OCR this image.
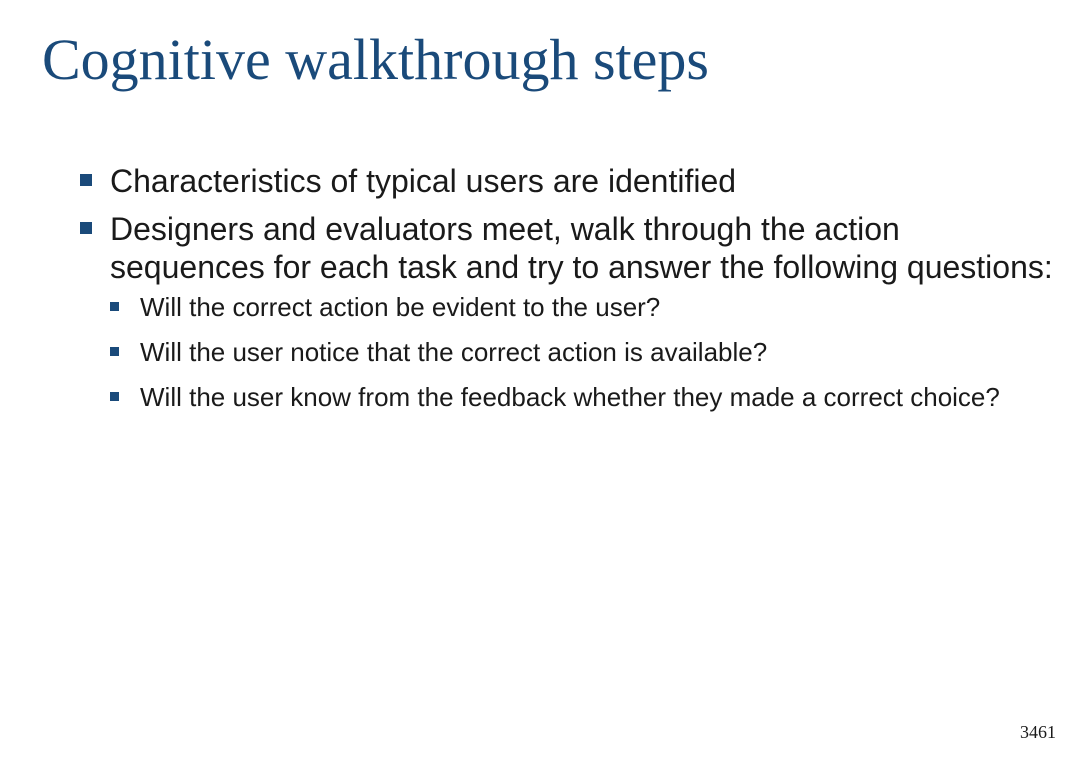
Cognitive walkthrough steps
Characteristics of typical users are identified
Designers and evaluators meet, walk through the action sequences for each task and try to answer the following questions:
Will the correct action be evident to the user?
Will the user notice that the correct action is available?
Will the user know from the feedback whether they made a correct choice?
3461
